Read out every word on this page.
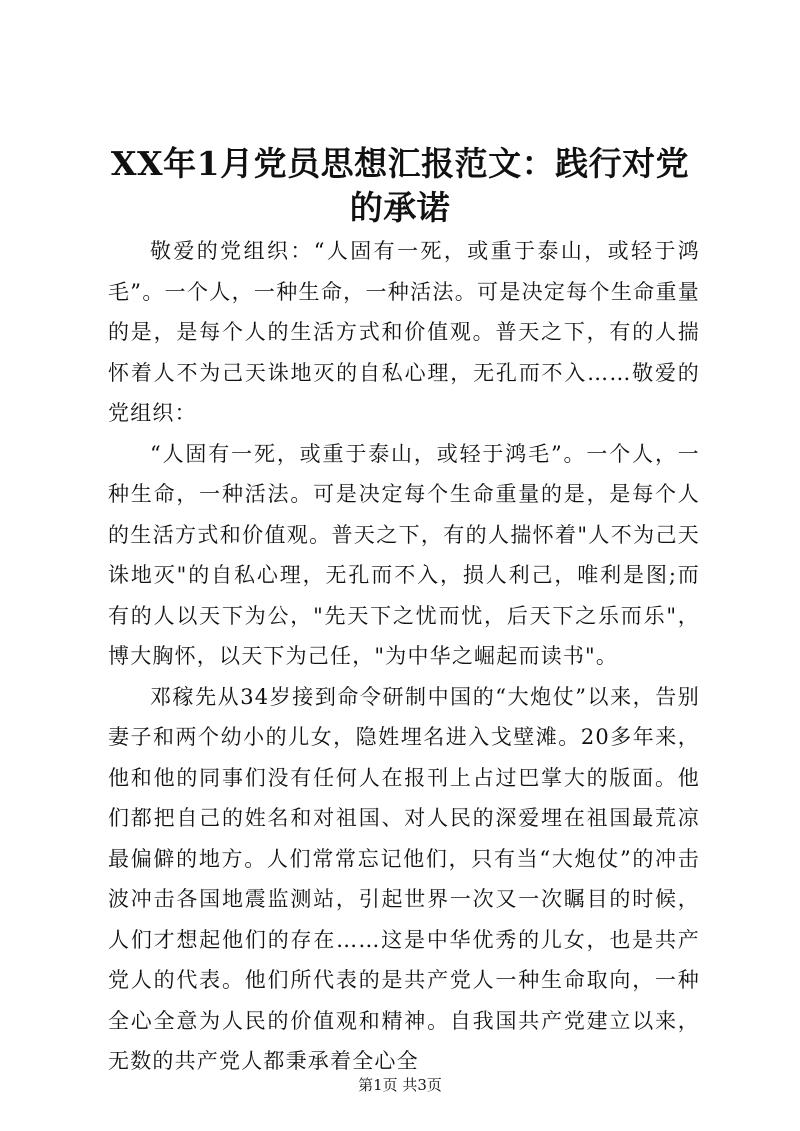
XX年1月党员思想汇报范文：践行对党的承诺

敬爱的党组织：“人固有一死，或重于泰山，或轻于鸿毛”。一个人，一种生命，一种活法。可是决定每个生命重量的是，是每个人的生活方式和价值观。普天之下，有的人揣怀着人不为己天诛地灭的自私心理，无孔而不入……敬爱的党组织：

“人固有一死，或重于泰山，或轻于鸿毛”。一个人，一种生命，一种活法。可是决定每个生命重量的是，是每个人的生活方式和价值观。普天之下，有的人揣怀着"人不为己天诛地灭"的自私心理，无孔而不入，损人利己，唯利是图;而有的人以天下为公，"先天下之忧而忧，后天下之乐而乐"，博大胸怀，以天下为己任，"为中华之崛起而读书"。

邓稼先从34岁接到命令研制中国的“大炮仗”以来，告别妻子和两个幼小的儿女，隐姓埋名进入戈壁滩。20多年来，他和他的同事们没有任何人在报刊上占过巴掌大的版面。他们都把自己的姓名和对祖国、对人民的深爱埋在祖国最荒凉最偏僻的地方。人们常常忘记他们，只有当“大炮仗”的冲击波冲击各国地震监测站，引起世界一次又一次瞩目的时候，人们才想起他们的存在……这是中华优秀的儿女，也是共产党人的代表。他们所代表的是共产党人一种生命取向，一种全心全意为人民的价值观和精神。自我国共产党建立以来，无数的共产党人都秉承着全心全

第1页 共3页
